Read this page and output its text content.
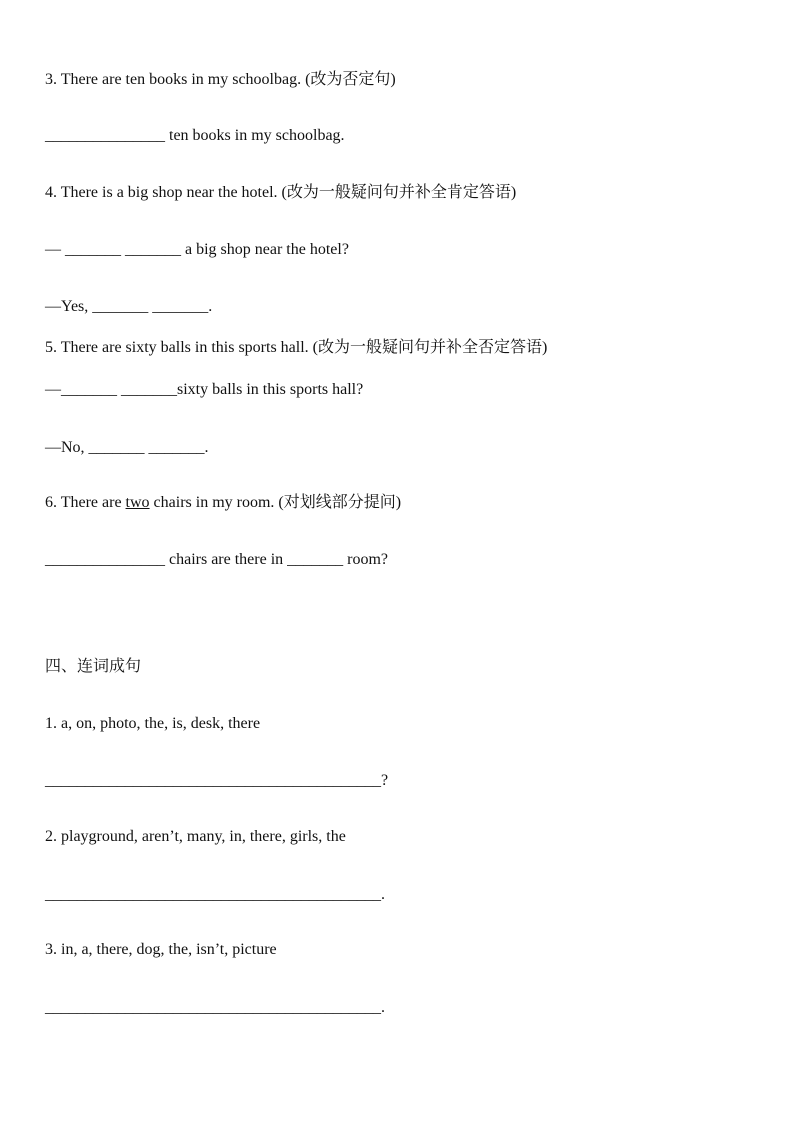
3. There are ten books in my schoolbag. (改为否定句)
_______________ ten books in my schoolbag.
4. There is a big shop near the hotel. (改为一般疑问句并补全肯定答语)
— _______ _______ a big shop near the hotel?
—Yes, _______ _______.
5. There are sixty balls in this sports hall. (改为一般疑问句并补全否定答语)
—_______ _______sixty balls in this sports hall?
—No, _______ _______.
6. There are two chairs in my room. (对划线部分提问)
_______________ chairs are there in _______ room?
四、连词成句
1. a, on, photo, the, is, desk, there
__________________________________________?
2. playground, aren’t, many, in, there, girls, the
__________________________________________.
3. in, a, there, dog, the, isn’t, picture
__________________________________________.
